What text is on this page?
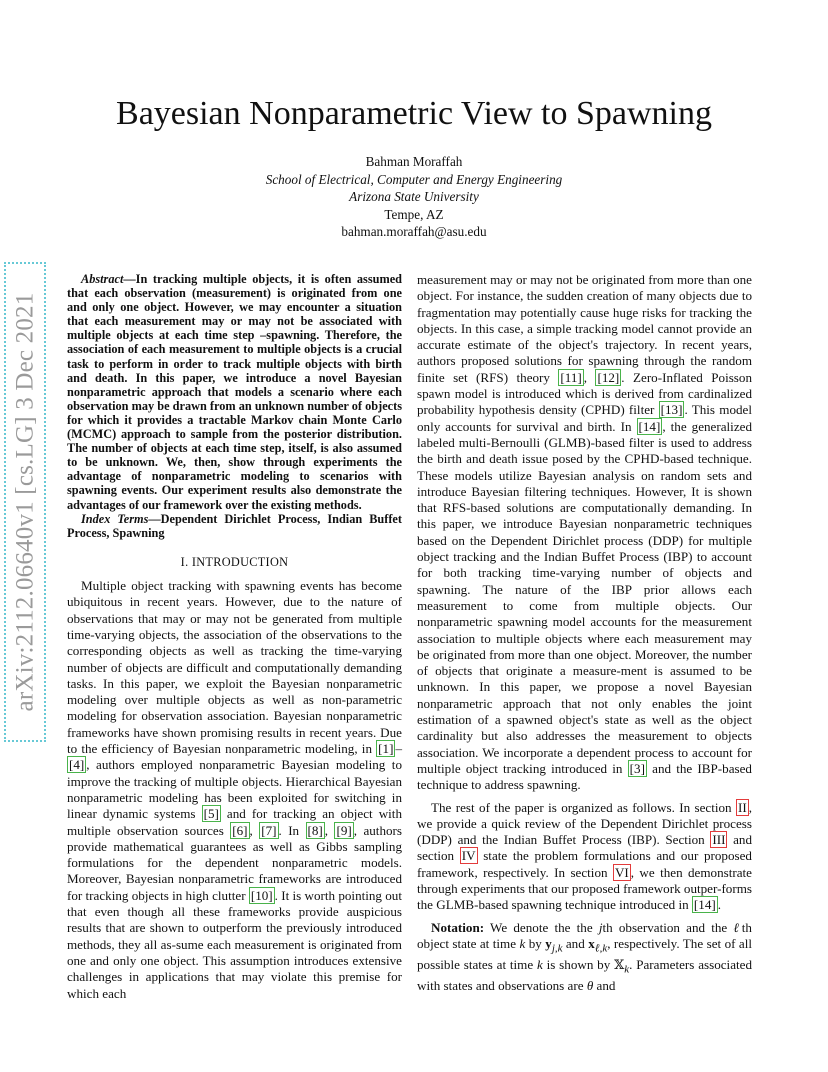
arXiv:2112.06640v1 [cs.LG] 3 Dec 2021
Bayesian Nonparametric View to Spawning
Bahman Moraffah
School of Electrical, Computer and Energy Engineering
Arizona State University
Tempe, AZ
bahman.moraffah@asu.edu

Abstract—In tracking multiple objects, it is often assumed that each observation (measurement) is originated from one and only one object. However, we may encounter a situation that each measurement may or may not be associated with multiple objects at each time step –spawning. Therefore, the association of each measurement to multiple objects is a crucial task to perform in order to track multiple objects with birth and death. In this paper, we introduce a novel Bayesian nonparametric approach that models a scenario where each observation may be drawn from an unknown number of objects for which it provides a tractable Markov chain Monte Carlo (MCMC) approach to sample from the posterior distribution. The number of objects at each time step, itself, is also assumed to be unknown. We, then, show through experiments the advantage of nonparametric modeling to scenarios with spawning events. Our experiment results also demonstrate the advantages of our framework over the existing methods.

Index Terms—Dependent Dirichlet Process, Indian Buffet Process, Spawning

I. INTRODUCTION

Multiple object tracking with spawning events has become ubiquitous in recent years. However, due to the nature of observations that may or may not be generated from multiple time-varying objects, the association of the observations to the corresponding objects as well as tracking the time-varying number of objects are difficult and computationally demanding tasks. In this paper, we exploit the Bayesian nonparametric modeling over multiple objects as well as non-parametric modeling for observation association. Bayesian nonparametric frameworks have shown promising results in recent years. Due to the efficiency of Bayesian nonparametric modeling, in [1] –[4] , authors employed nonparametric Bayesian modeling to improve the tracking of multiple objects. Hierarchical Bayesian nonparametric modeling has been exploited for switching in linear dynamic systems [5] and for tracking an object with multiple observation sources [6] , [7] . In [8] , [9] , authors provide mathematical guarantees as well as Gibbs sampling formulations for the dependent nonparametric models. Moreover, Bayesian nonparametric frameworks are introduced for tracking objects in high clutter [10] . It is worth pointing out that even though all these frameworks provide auspicious results that are shown to outperform the previously introduced methods, they all as-sume each measurement is originated from one and only one object. This assumption introduces extensive challenges in applications that may violate this premise for which each

measurement may or may not be originated from more than one object. For instance, the sudden creation of many objects due to fragmentation may potentially cause huge risks for tracking the objects. In this case, a simple tracking model cannot provide an accurate estimate of the object's trajectory. In recent years, authors proposed solutions for spawning through the random finite set (RFS) theory [11] , [12] . Zero-Inflated Poisson spawn model is introduced which is derived from cardinalized probability hypothesis density (CPHD) filter [13] . This model only accounts for survival and birth. In [14] , the generalized labeled multi-Bernoulli (GLMB)-based filter is used to address the birth and death issue posed by the CPHD-based technique. These models utilize Bayesian analysis on random sets and introduce Bayesian filtering techniques. However, It is shown that RFS-based solutions are computationally demanding. In this paper, we introduce Bayesian nonparametric techniques based on the Dependent Dirichlet process (DDP) for multiple object tracking and the Indian Buffet Process (IBP) to account for both tracking time-varying number of objects and spawning. The nature of the IBP prior allows each measurement to come from multiple objects. Our nonparametric spawning model accounts for the measurement association to multiple objects where each measurement may be originated from more than one object. Moreover, the number of objects that originate a measure-ment is assumed to be unknown. In this paper, we propose a novel Bayesian nonparametric approach that not only enables the joint estimation of a spawned object's state as well as the object cardinality but also addresses the measurement to objects association. We incorporate a dependent process to account for multiple object tracking introduced in [3] and the IBP-based technique to address spawning.

The rest of the paper is organized as follows. In section II , we provide a quick review of the Dependent Dirichlet process (DDP) and the Indian Buffet Process (IBP). Section III and section IV state the problem formulations and our proposed framework, respectively. In section VI , we then demonstrate through experiments that our proposed framework outper-forms the GLMB-based spawning technique introduced in [14] .

Notation: We denote the the jth observation and the ℓth object state at time k by $y_{j,k}$ and $x_{\ell,k}$, respectively. The set of all possible states at time k is shown by 𝕏$_k$. Parameters associated with states and observations are θ and
